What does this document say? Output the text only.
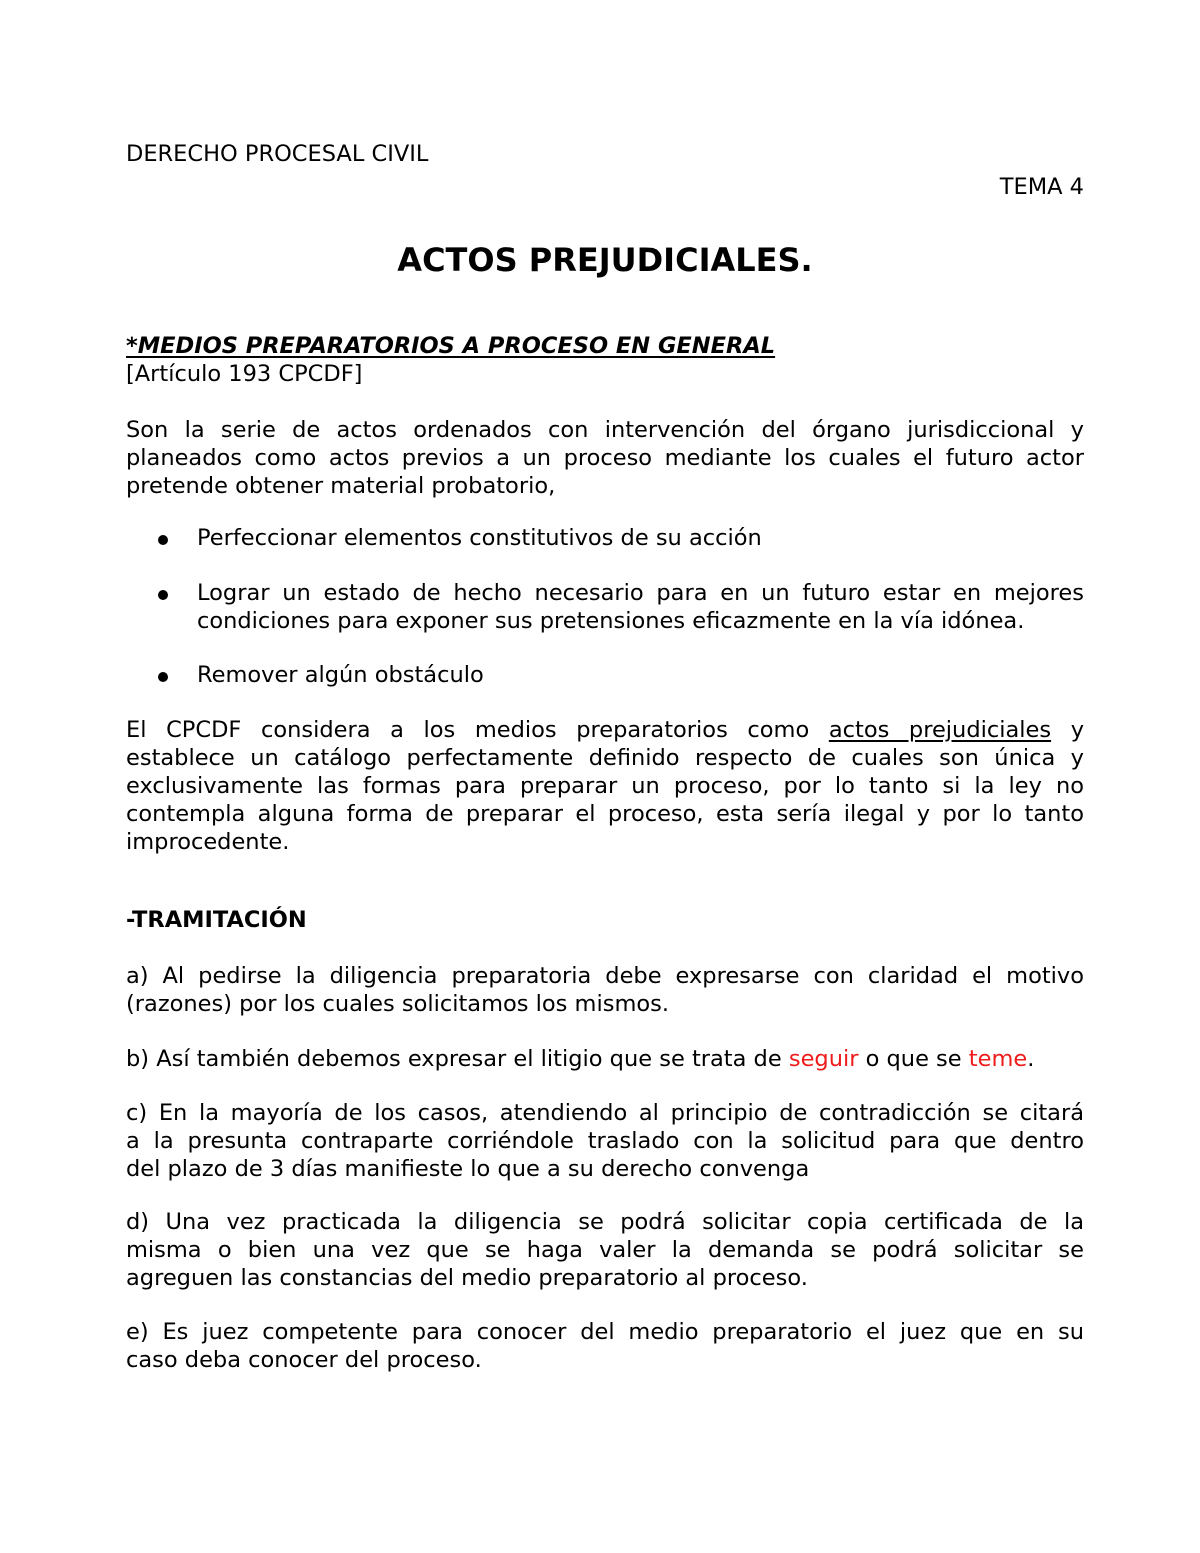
DERECHO PROCESAL CIVIL
TEMA 4
ACTOS PREJUDICIALES.
*MEDIOS PREPARATORIOS A PROCESO EN GENERAL
[Artículo 193 CPCDF]
Son la serie de actos ordenados con intervención del órgano jurisdiccional y
planeados como actos previos a un proceso mediante los cuales el futuro actor
pretende obtener material probatorio,
Perfeccionar elementos constitutivos de su acción
Lograr un estado de hecho necesario para en un futuro estar en mejores
condiciones para exponer sus pretensiones eficazmente en la vía idónea.
Remover algún obstáculo
El CPCDF considera a los medios preparatorios como actos prejudiciales y
establece un catálogo perfectamente definido respecto de cuales son única y
exclusivamente las formas para preparar un proceso, por lo tanto si la ley no
contempla alguna forma de preparar el proceso, esta sería ilegal y por lo tanto
improcedente.
-TRAMITACIÓN
a) Al pedirse la diligencia preparatoria debe expresarse con claridad el motivo
(razones) por los cuales solicitamos los mismos.
b) Así también debemos expresar el litigio que se trata de seguir o que se teme.
c) En la mayoría de los casos, atendiendo al principio de contradicción se citará
a la presunta contraparte corriéndole traslado con la solicitud para que dentro
del plazo de 3 días manifieste lo que a su derecho convenga
d) Una vez practicada la diligencia se podrá solicitar copia certificada de la
misma o bien una vez que se haga valer la demanda se podrá solicitar se
agreguen las constancias del medio preparatorio al proceso.
e) Es juez competente para conocer del medio preparatorio el juez que en su
caso deba conocer del proceso.
